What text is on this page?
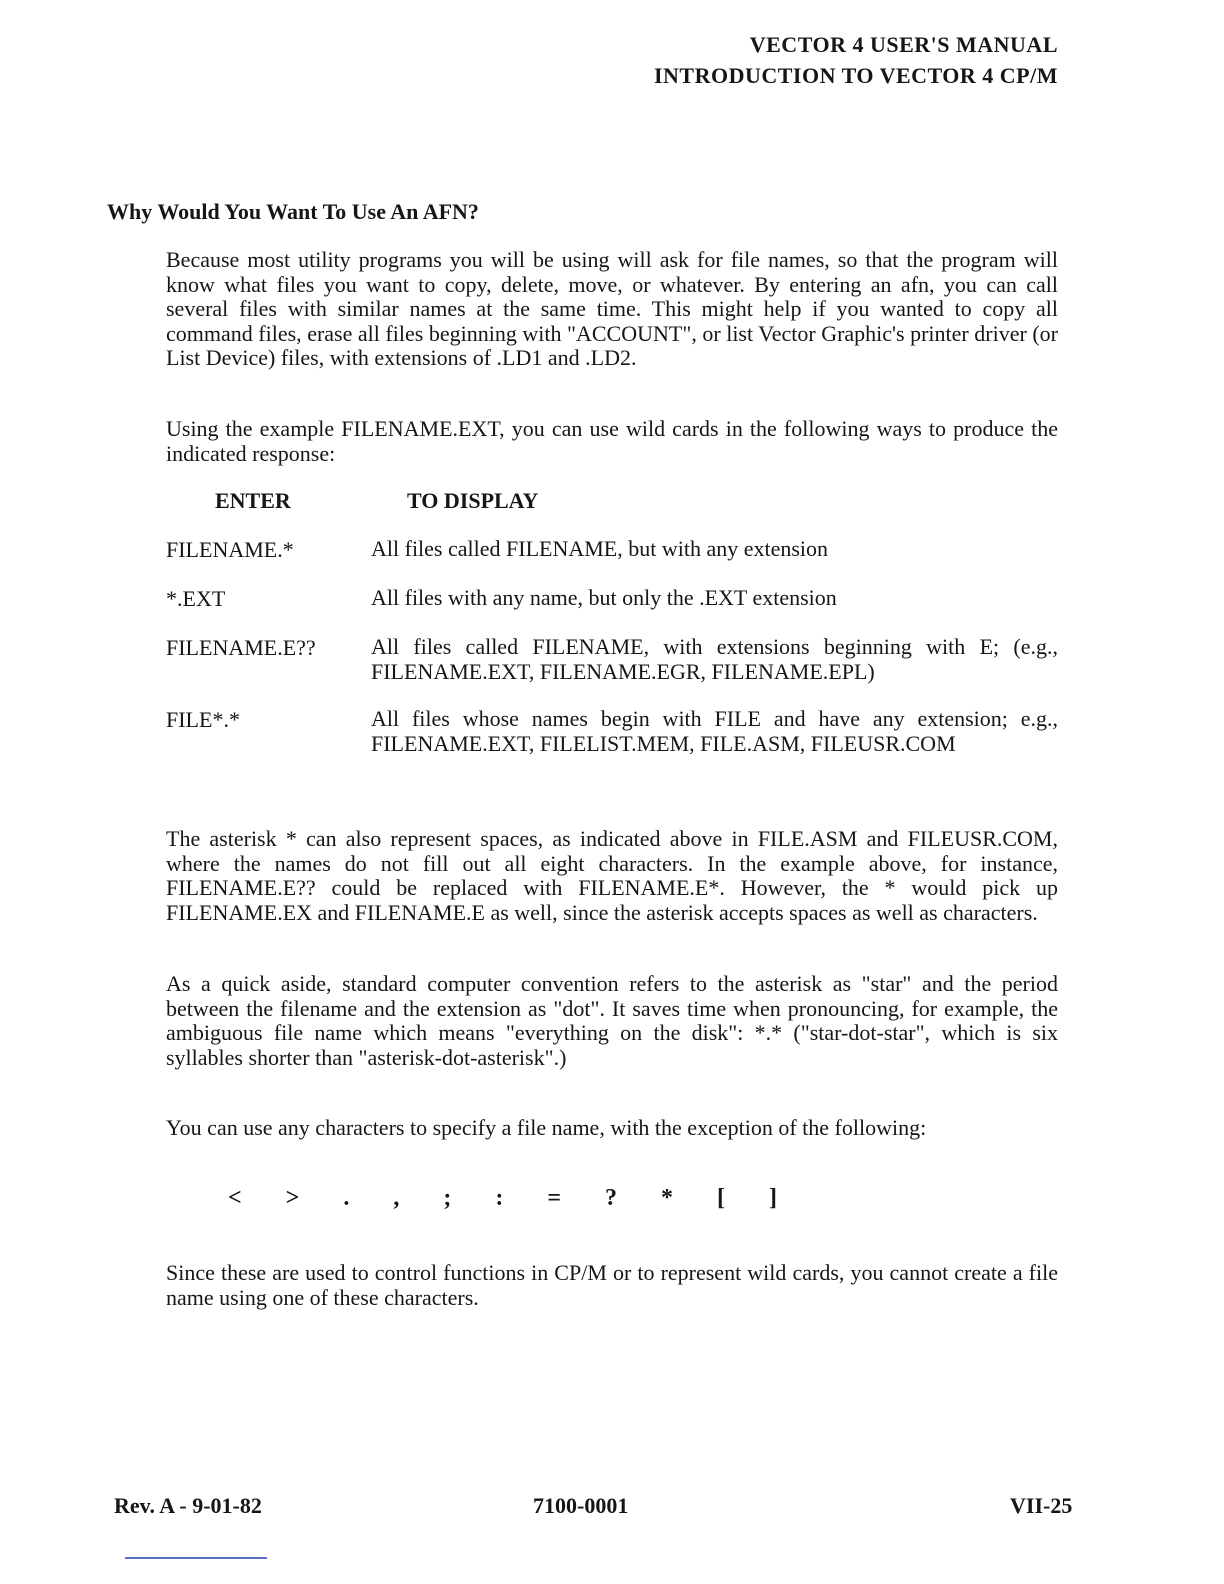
VECTOR 4 USER'S MANUAL
INTRODUCTION TO VECTOR 4 CP/M
Why Would You Want To Use An AFN?
Because most utility programs you will be using will ask for file names, so that the program will know what files you want to copy, delete, move, or whatever. By entering an afn, you can call several files with similar names at the same time. This might help if you wanted to copy all command files, erase all files beginning with "ACCOUNT", or list Vector Graphic's printer driver (or List Device) files, with extensions of .LD1 and .LD2.
Using the example FILENAME.EXT, you can use wild cards in the following ways to produce the indicated response:
ENTER	TO DISPLAY
FILENAME.*	All files called FILENAME, but with any extension
*.EXT	All files with any name, but only the .EXT extension
FILENAME.E??	All files called FILENAME, with extensions beginning with E; (e.g., FILENAME.EXT, FILENAME.EGR, FILENAME.EPL)
FILE*.*	All files whose names begin with FILE and have any extension; e.g., FILENAME.EXT, FILELIST.MEM, FILE.ASM, FILEUSR.COM
The asterisk * can also represent spaces, as indicated above in FILE.ASM and FILEUSR.COM, where the names do not fill out all eight characters. In the example above, for instance, FILENAME.E?? could be replaced with FILENAME.E*. However, the * would pick up FILENAME.EX and FILENAME.E as well, since the asterisk accepts spaces as well as characters.
As a quick aside, standard computer convention refers to the asterisk as "star" and the period between the filename and the extension as "dot". It saves time when pronouncing, for example, the ambiguous file name which means "everything on the disk": *.* ("star-dot-star", which is six syllables shorter than "asterisk-dot-asterisk".)
You can use any characters to specify a file name, with the exception of the following:
< > . , ; : = ? * [ ]
Since these are used to control functions in CP/M or to represent wild cards, you cannot create a file name using one of these characters.
Rev. A - 9-01-82	7100-0001	VII-25
